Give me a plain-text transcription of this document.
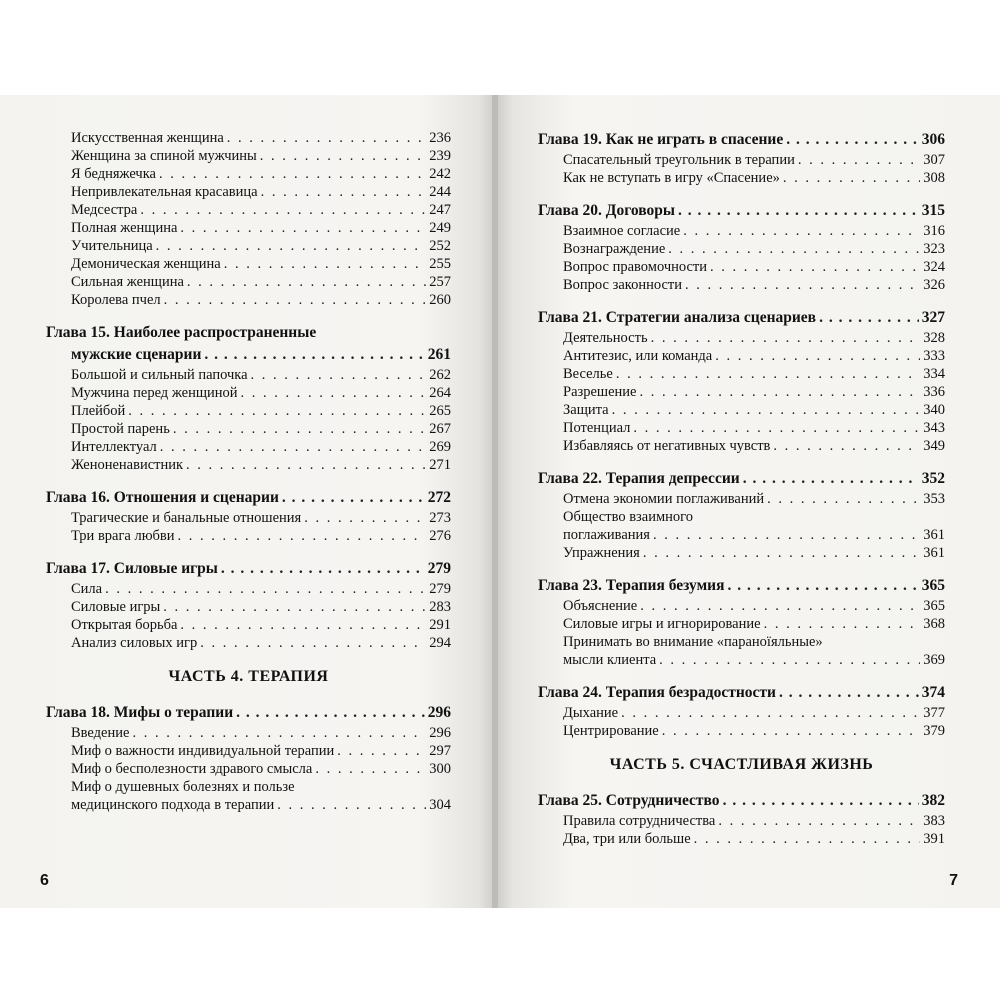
Искусственная женщина . . .	236
Женщина за спиной мужчины . . .	239
Я бедняжечка . . .	242
Непривлекательная красавица . . .	244
Медсестра . . .	247
Полная женщина . . .	249
Учительница . . .	252
Демоническая женщина . . .	255
Сильная женщина . . .	257
Королева пчел . . .	260
Глава 15. Наиболее распространенные
мужские сценарии . . .	261
Большой и сильный папочка . . .	262
Мужчина перед женщиной . . .	264
Плейбой . . .	265
Простой парень . . .	267
Интеллектуал . . .	269
Женоненавистник . . .	271
Глава 16. Отношения и сценарии . . .	272
Трагические и банальные отношения . . .	273
Три врага любви . . .	276
Глава 17. Силовые игры . . .	279
Сила . . .	279
Силовые игры . . .	283
Открытая борьба . . .	291
Анализ силовых игр . . .	294
ЧАСТЬ 4. ТЕРАПИЯ
Глава 18. Мифы о терапии . . .	296
Введение . . .	296
Миф о важности индивидуальной терапии . . .	297
Миф о бесполезности здравого смысла . . .	300
Миф о душевных болезнях и пользе
медицинского подхода в терапии . . .	304
6
Глава 19. Как не играть в спасение . . .	306
Спасательный треугольник в терапии . . .	307
Как не вступать в игру «Спасение» . . .	308
Глава 20. Договоры . . .	315
Взаимное согласие . . .	316
Вознаграждение . . .	323
Вопрос правомочности . . .	324
Вопрос законности . . .	326
Глава 21. Стратегии анализа сценариев . . .	327
Деятельность . . .	328
Антитезис, или команда . . .	333
Веселье . . .	334
Разрешение . . .	336
Защита . . .	340
Потенциал . . .	343
Избавляясь от негативных чувств . . .	349
Глава 22. Терапия депрессии . . .	352
Отмена экономии поглаживаний . . .	353
Общество взаимного
поглаживания . . .	361
Упражнения . . .	361
Глава 23. Терапия безумия . . .	365
Объяснение . . .	365
Силовые игры и игнорирование . . .	368
Принимать во внимание «параноїяльные»
мысли клиента . . .	369
Глава 24. Терапия безрадостности . . .	374
Дыхание . . .	377
Центрирование . . .	379
ЧАСТЬ 5. СЧАСТЛИВАЯ ЖИЗНЬ
Глава 25. Сотрудничество . . .	382
Правила сотрудничества . . .	383
Два, три или больше . . .	391
7
